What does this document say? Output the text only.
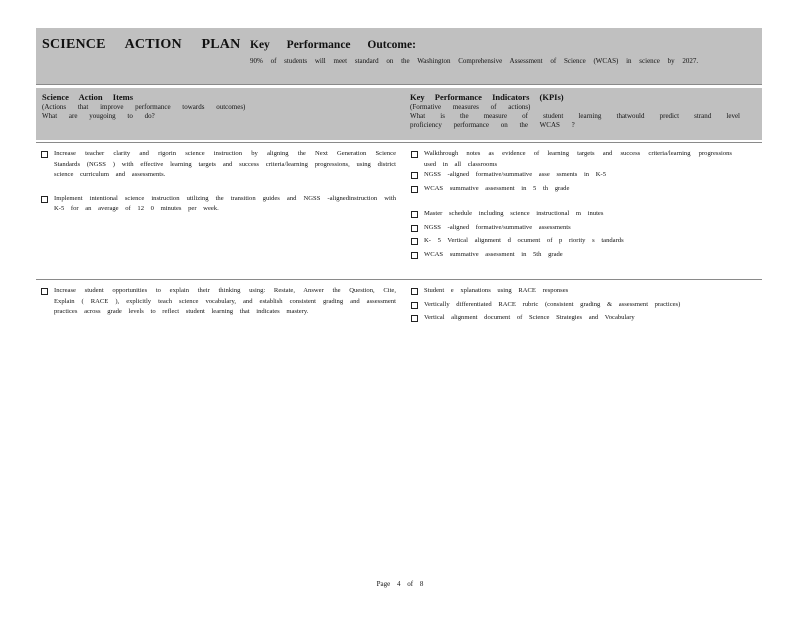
SCIENCE ACTION PLAN Key Performance Outcome:
90% of students will meet standard on the Washington Comprehensive Assessment of Science (WCAS) in science by 2027.
Science Action Items
(Actions that improve performance towards outcomes)
What are yougoing to do?
Key Performance Indicators (KPIs)
(Formative measures of actions)
What is the measure of student learning thatwould predict strand level proficiency performance on the WCAS ?
Increase teacher clarity and rigorin science instruction by aligning the Next Generation Science Standards (NGSS ) with effective learning targets and success criteria/learning progressions, using district science curriculum and assessments.
Implement intentional science instruction utilizing the transition guides and NGSS -alignedinstruction with K-5 for an average of 12 0 minutes per week.
Walkthrough notes as evidence of learning targets and success criteria/learning progressions used in all classrooms
NGSS -aligned formative/summative asse ssments in K-5
WCAS summative assessment in 5 th grade
Master schedule including science instructional m inutes
NGSS -aligned formative/summative assessments
K- 5 Vertical alignment d ocument of p riority s tandards
WCAS summative assessment in 5th grade
Increase student opportunities to explain their thinking using: Restate, Answer the Question, Cite, Explain ( RACE ), explicitly teach science vocabulary, and establish consistent grading and assessment practices across grade levels to reflect student learning that indicates mastery.
Student e xplanations using RACE responses
Vertically differentiated RACE rubric (consistent grading & assessment practices)
Vertical alignment document of Science Strategies and Vocabulary
Page 4 of 8
